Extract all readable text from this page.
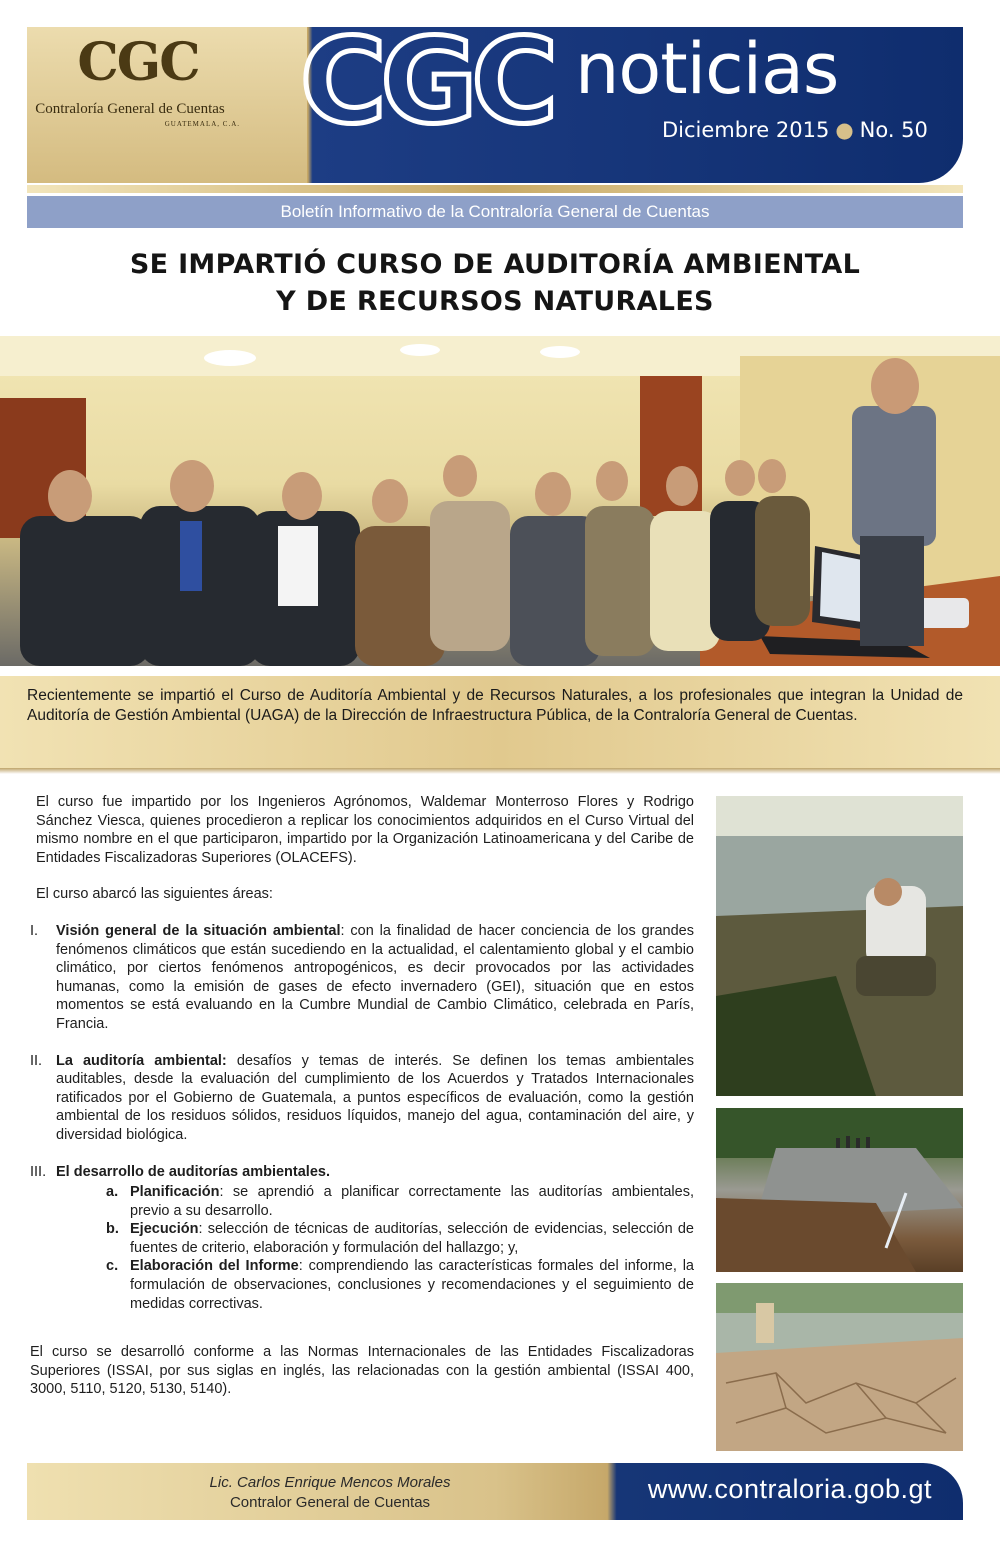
CGC
Contraloría General de Cuentas
GUATEMALA, C.A. CGC noticias
Diciembre 2015 ● No. 50
Boletín Informativo de la Contraloría General de Cuentas
SE IMPARTIÓ CURSO DE AUDITORÍA AMBIENTAL
Y DE RECURSOS NATURALES
Recientemente se impartió el Curso de Auditoría Ambiental y de Recursos Naturales, a los profesionales que integran la Unidad de Auditoría de Gestión Ambiental (UAGA) de la Dirección de Infraestructura Pública, de la Contraloría General de Cuentas.

El curso fue impartido por los Ingenieros Agrónomos, Waldemar Monterroso Flores y Rodrigo Sánchez Viesca, quienes procedieron a replicar los conocimientos adquiridos en el Curso Virtual del mismo nombre en el que participaron, impartido por la Organización Latinoamericana y del Caribe de Entidades Fiscalizadoras Superiores (OLACEFS).

El curso abarcó las siguientes áreas:

I.	Visión general de la situación ambiental: con la finalidad de hacer conciencia de los grandes fenómenos climáticos que están sucediendo en la actualidad, el calentamiento global y el cambio climático, por ciertos fenómenos antropogénicos, es decir provocados por las actividades humanas, como la emisión de gases de efecto invernadero (GEI), situación que en estos momentos se está evaluando en la Cumbre Mundial de Cambio Climático, celebrada en París, Francia.
II. La auditoría ambiental: desafíos y temas de interés. Se definen los temas ambientales auditables, desde la evaluación del cumplimiento de los Acuerdos y Tratados Internacionales ratificados por el Gobierno de Guatemala, a puntos específicos de evaluación, como la gestión ambiental de los residuos sólidos, residuos líquidos, manejo del agua, contaminación del aire, y diversidad biológica.
III. El desarrollo de auditorías ambientales.
a. Planificación: se aprendió a planificar correctamente las auditorías ambientales, previo a su desarrollo.
b. Ejecución: selección de técnicas de auditorías, selección de evidencias, selección de fuentes de criterio, elaboración y formulación del hallazgo; y,
c. Elaboración del Informe: comprendiendo las características formales del informe, la formulación de observaciones, conclusiones y recomendaciones y el seguimiento de medidas correctivas.

El curso se desarrolló conforme a las Normas Internacionales de las Entidades Fiscalizadoras Superiores (ISSAI, por sus siglas en inglés, las relacionadas con la gestión ambiental (ISSAI 400, 3000, 5110, 5120, 5130, 5140).

Lic. Carlos Enrique Mencos Morales
Contralor General de Cuentas	www.contraloria.gob.gt
